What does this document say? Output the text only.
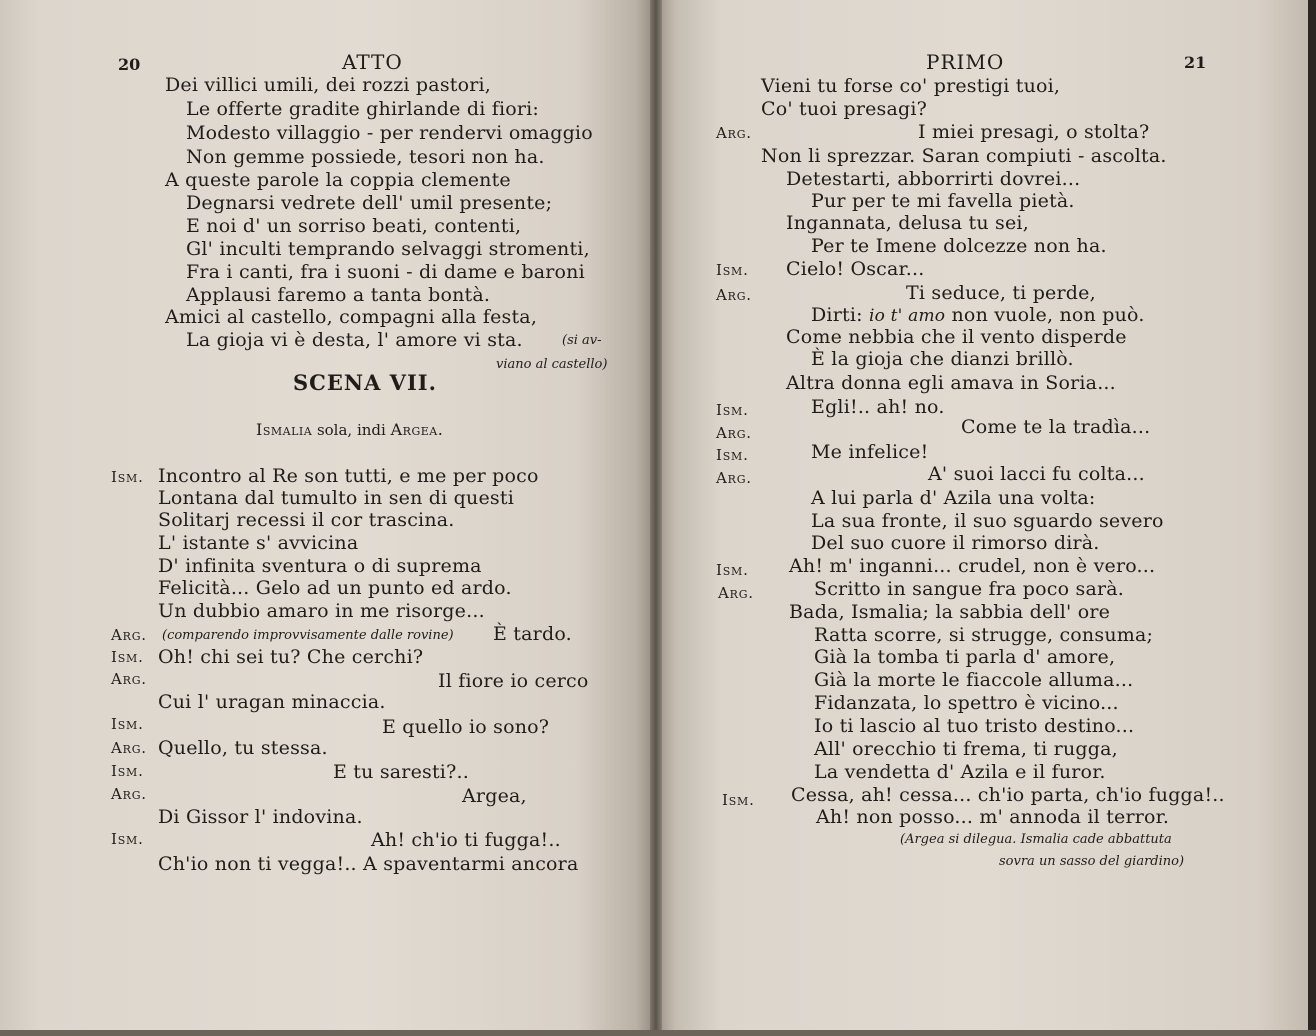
20	ATTO
Dei villici umili, dei rozzi pastori,
Le offerte gradite ghirlande di fiori:
Modesto villaggio - per rendervi omaggio
Non gemme possiede, tesori non ha.
A queste parole la coppia clemente
Degnarsi vedrete dell' umil presente;
E noi d' un sorriso beati, contenti,
Gl' inculti temprando selvaggi stromenti,
Fra i canti, fra i suoni - di dame e baroni
Applausi faremo a tanta bontà.
Amici al castello, compagni alla festa,
La gioja vi è desta, l' amore vi sta.	(si av-
viano al castello)
SCENA VII.
Ismalia sola, indi Argea.
Ism. Incontro al Re son tutti, e me per poco
Lontana dal tumulto in sen di questi
Solitarj recessi il cor trascina.
L' istante s' avvicina
D' infinita sventura o di suprema
Felicità... Gelo ad un punto ed ardo.
Un dubbio amaro in me risorge...
Arg. (comparendo improvvisamente dalle rovine) È tardo.
Ism. Oh! chi sei tu? Che cerchi?
Arg.	Il fiore io cerco
Cui l' uragan minaccia.
Ism.	E quello io sono?
Arg. Quello, tu stessa.
Ism.	E tu saresti?..
Arg.	Argea,
Di Gissor l' indovina.
Ism.	Ah! ch'io ti fugga!..
Ch'io non ti vegga!.. A spaventarmi ancora
PRIMO	21
Vieni tu forse co' prestigi tuoi,
Co' tuoi presagi?
Arg.	I miei presagi, o stolta?
Non li sprezzar. Saran compiuti - ascolta.
Detestarti, abborrirti dovrei...
Pur per te mi favella pietà.
Ingannata, delusa tu sei,
Per te Imene dolcezze non ha.
Ism. Cielo! Oscar...
Arg.	Ti seduce, ti perde,
Dirti: io t' amo non vuole, non può.
Come nebbia che il vento disperde
È la gioja che dianzi brillò.
Altra donna egli amava in Soria...
Ism.	Egli!.. ah! no.
Arg.	Come te la tradìa...
Ism.	Me infelice!
Arg.	A' suoi lacci fu colta...
A lui parla d' Azila una volta:
La sua fronte, il suo sguardo severo
Del suo cuore il rimorso dirà.
Ism. Ah! m' inganni... crudel, non è vero...
Arg.	Scritto in sangue fra poco sarà.
Bada, Ismalia; la sabbia dell' ore
Ratta scorre, si strugge, consuma;
Già la tomba ti parla d' amore,
Già la morte le fiaccole alluma...
Fidanzata, lo spettro è vicino...
Io ti lascio al tuo tristo destino...
All' orecchio ti frema, ti rugga,
La vendetta d' Azila e il furor.
Ism. Cessa, ah! cessa... ch'io parta, ch'io fugga!..
Ah! non posso... m' annoda il terror.
(Argea si dilegua. Ismalia cade abbattuta
sovra un sasso del giardino)
